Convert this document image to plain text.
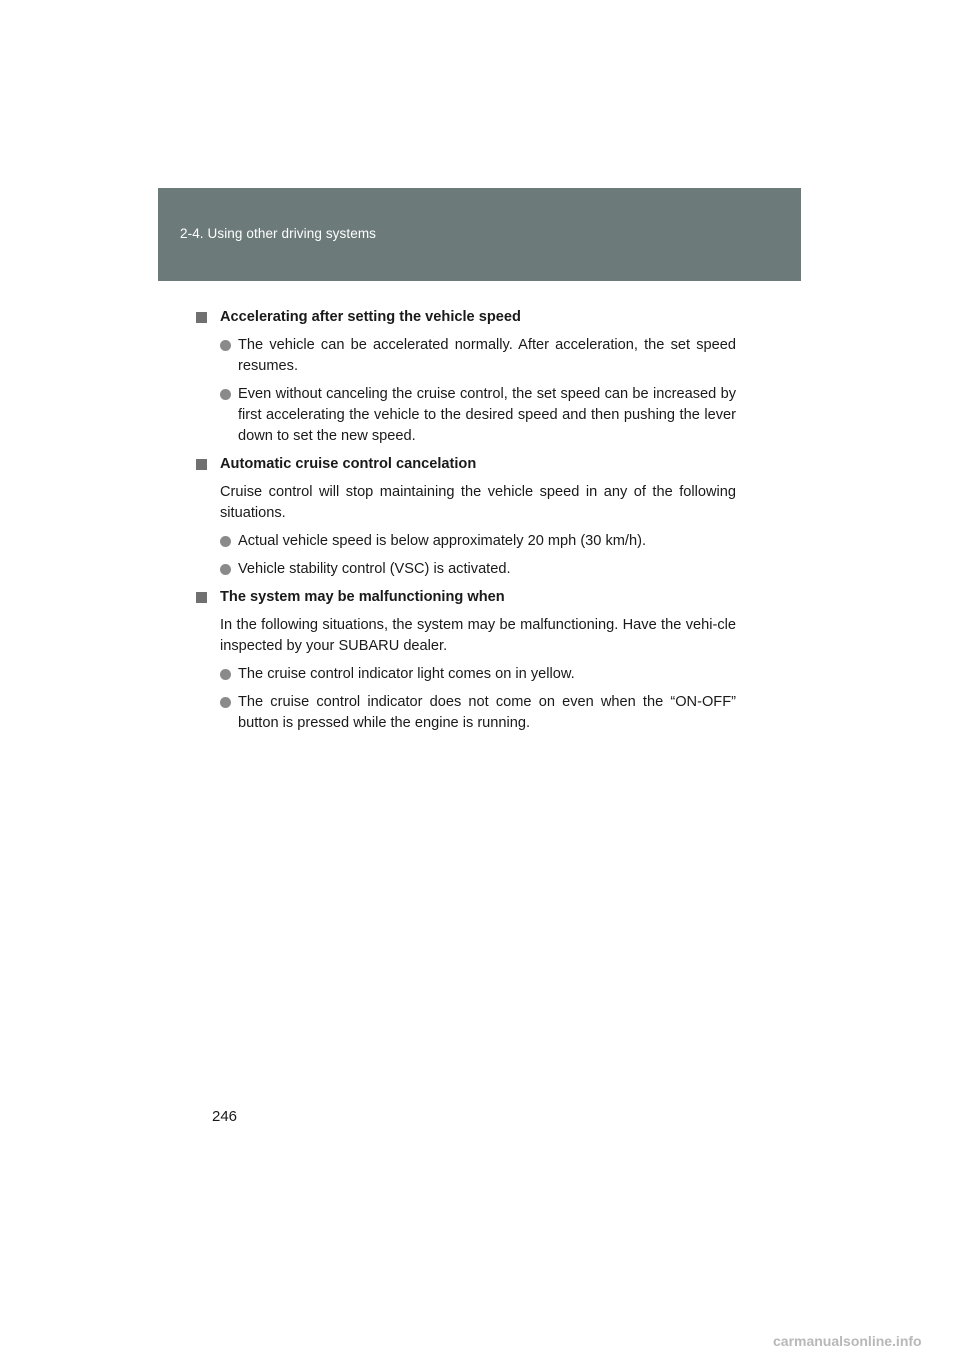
2-4. Using other driving systems
Accelerating after setting the vehicle speed
The vehicle can be accelerated normally. After acceleration, the set speed resumes.
Even without canceling the cruise control, the set speed can be increased by first accelerating the vehicle to the desired speed and then pushing the lever down to set the new speed.
Automatic cruise control cancelation
Cruise control will stop maintaining the vehicle speed in any of the following situations.
Actual vehicle speed is below approximately 20 mph (30 km/h).
Vehicle stability control (VSC) is activated.
The system may be malfunctioning when
In the following situations, the system may be malfunctioning. Have the vehi-cle inspected by your SUBARU dealer.
The cruise control indicator light comes on in yellow.
The cruise control indicator does not come on even when the “ON-OFF” button is pressed while the engine is running.
246
carmanualsonline.info
